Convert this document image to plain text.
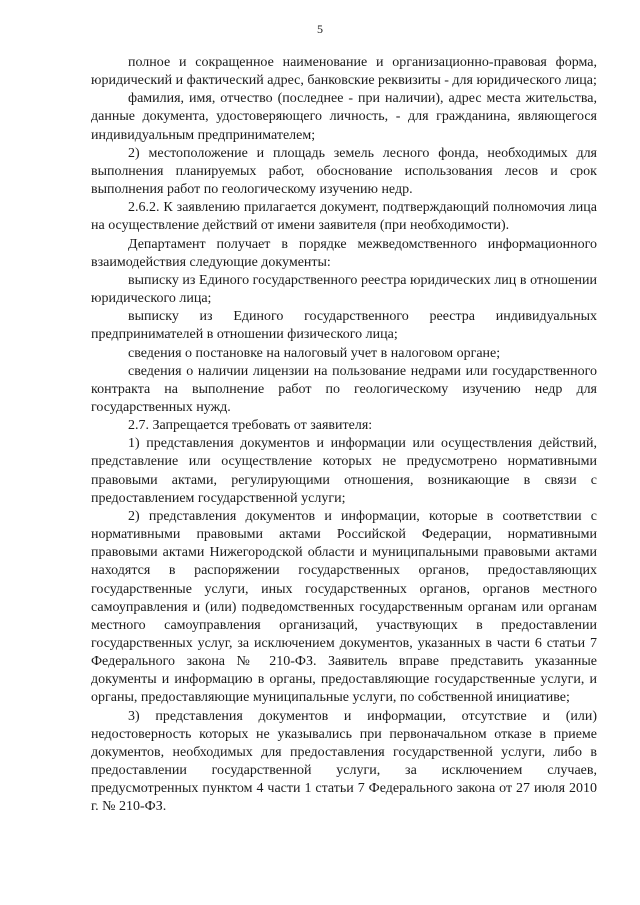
5

полное и сокращенное наименование и организационно-правовая форма, юридический и фактический адрес, банковские реквизиты - для юридического лица;

фамилия, имя, отчество (последнее - при наличии), адрес места жительства, данные документа, удостоверяющего личность, - для гражданина, являющегося индивидуальным предпринимателем;

2) местоположение и площадь земель лесного фонда, необходимых для выполнения планируемых работ, обоснование использования лесов и срок выполнения работ по геологическому изучению недр.

2.6.2. К заявлению прилагается документ, подтверждающий полномочия лица на осуществление действий от имени заявителя (при необходимости).

Департамент получает в порядке межведомственного информационного взаимодействия следующие документы:

выписку из Единого государственного реестра юридических лиц в отношении юридического лица;

выписку из Единого государственного реестра индивидуальных предпринимателей в отношении физического лица;

сведения о постановке на налоговый учет в налоговом органе;

сведения о наличии лицензии на пользование недрами или государственного контракта на выполнение работ по геологическому изучению недр для государственных нужд.

2.7. Запрещается требовать от заявителя:

1) представления документов и информации или осуществления действий, представление или осуществление которых не предусмотрено нормативными правовыми актами, регулирующими отношения, возникающие в связи с предоставлением государственной услуги;

2) представления документов и информации, которые в соответствии с нормативными правовыми актами Российской Федерации, нормативными правовыми актами Нижегородской области и муниципальными правовыми актами находятся в распоряжении государственных органов, предоставляющих государственные услуги, иных государственных органов, органов местного самоуправления и (или) подведомственных государственным органам или органам местного самоуправления организаций, участвующих в предоставлении государственных услуг, за исключением документов, указанных в части 6 статьи 7 Федерального закона № 210-ФЗ. Заявитель вправе представить указанные документы и информацию в органы, предоставляющие государственные услуги, и органы, предоставляющие муниципальные услуги, по собственной инициативе;

3) представления документов и информации, отсутствие и (или) недостоверность которых не указывались при первоначальном отказе в приеме документов, необходимых для предоставления государственной услуги, либо в предоставлении государственной услуги, за исключением случаев, предусмотренных пунктом 4 части 1 статьи 7 Федерального закона от 27 июля 2010 г. № 210-ФЗ.
